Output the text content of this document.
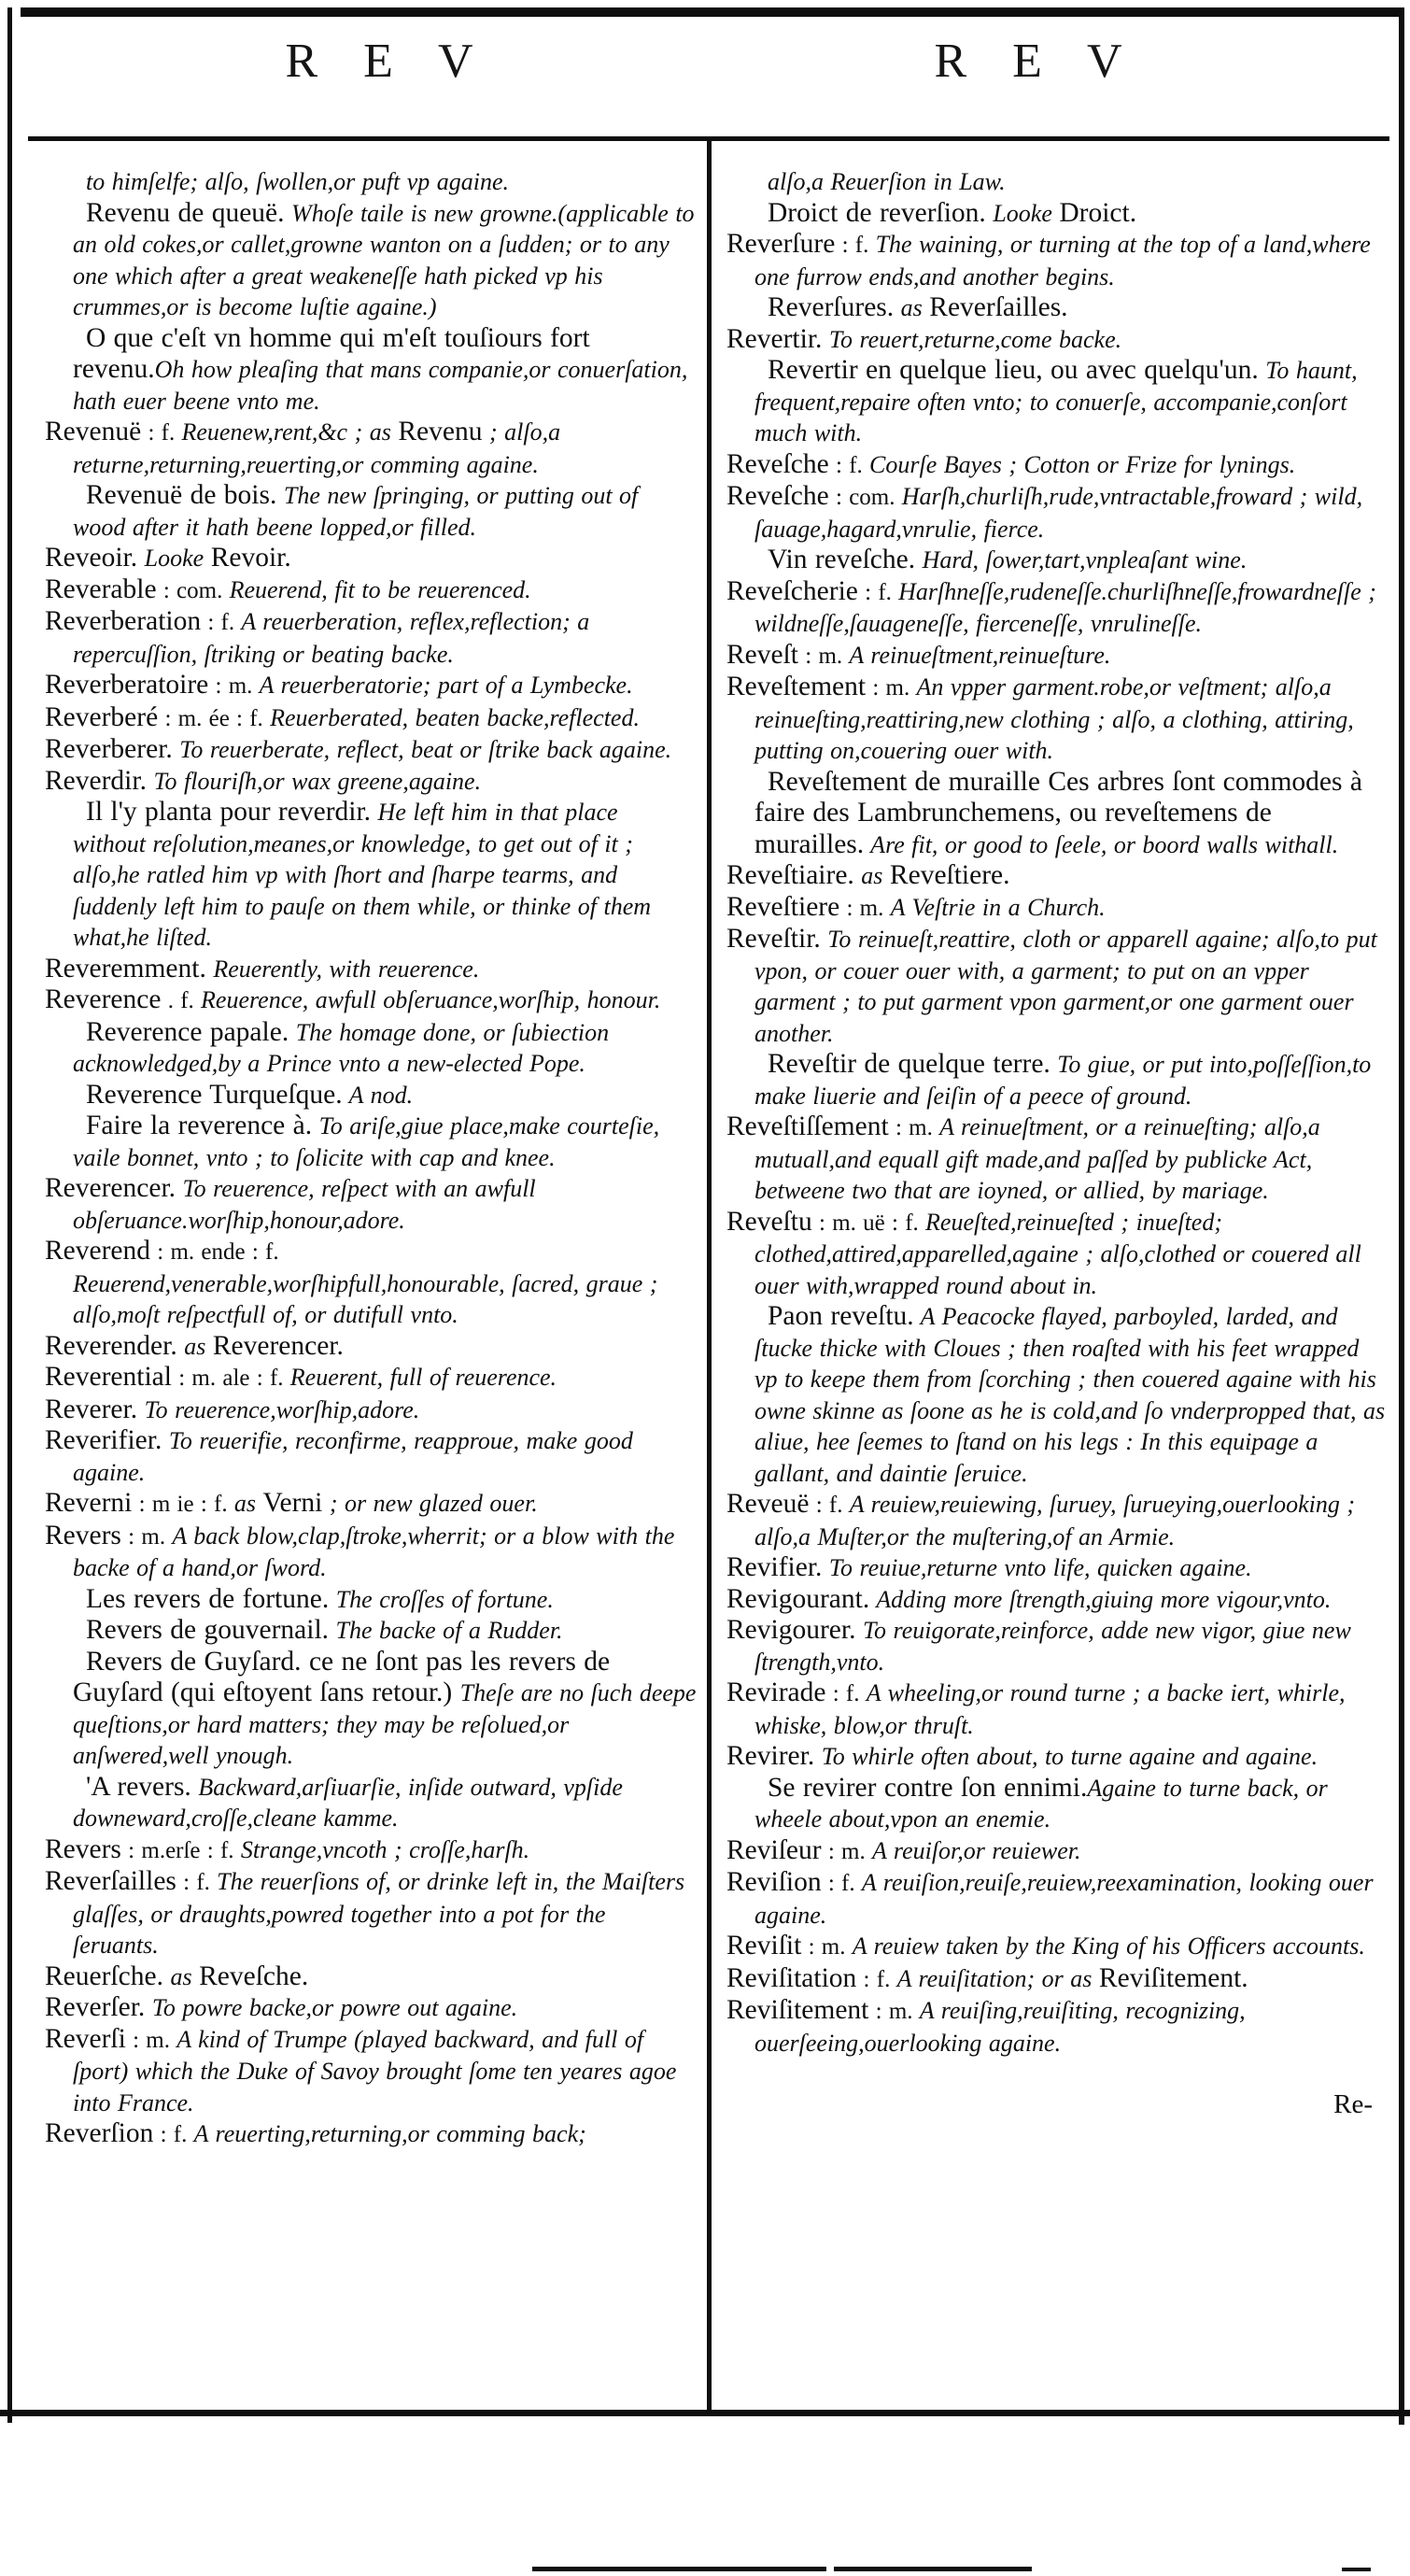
R E V	R E V

to himſelfe; alſo, ſwollen,or puft vp againe.

Revenu de queuë. Whoſe taile is new growne.(applicable to an old cokes,or callet,growne wanton on a ſudden; or to any one which after a great weakeneſſe hath picked vp his crummes,or is become luſtie againe.)

O que c'eſt vn homme qui m'eſt touſiours fort revenu.Oh how pleaſing that mans companie,or conuerſation, hath euer beene vnto me.

Revenuë : f. Reuenew,rent,&c ; as Revenu ; alſo,a returne,returning,reuerting,or comming againe.

Revenuë de bois. The new ſpringing, or putting out of wood after it hath beene lopped,or filled.

Reveoir. Looke Revoir.

Reverable : com. Reuerend, fit to be reuerenced.

Reverberation : f. A reuerberation, reflex,reflection; a repercuſſion, ſtriking or beating backe.

Reverberatoire : m. A reuerberatorie; part of a Lymbecke.

Reverberé : m. ée : f. Reuerberated, beaten backe,reflected.

Reverberer. To reuerberate, reflect, beat or ſtrike back againe.

Reverdir. To flouriſh,or wax greene,againe.

Il l'y planta pour reverdir. He left him in that place without reſolution,meanes,or knowledge, to get out of it ; alſo,he ratled him vp with ſhort and ſharpe tearms, and ſuddenly left him to pauſe on them while, or thinke of them what,he liſted.

Reveremment. Reuerently, with reuerence.

Reverence . f. Reuerence, awfull obſeruance,worſhip, honour.

Reverence papale. The homage done, or ſubiection acknowledged,by a Prince vnto a new-elected Pope.

Reverence Turqueſque. A nod.

Faire la reverence à. To ariſe,giue place,make courteſie, vaile bonnet, vnto ; to ſolicite with cap and knee.

Reverencer. To reuerence, reſpect with an awfull obſeruance.worſhip,honour,adore.

Reverend : m. ende : f. Reuerend,venerable,worſhipfull,honourable, ſacred, graue ; alſo,moſt reſpectfull of, or dutifull vnto.

Reverender. as Reverencer.

Reverential : m. ale : f. Reuerent, full of reuerence.

Reverer. To reuerence,worſhip,adore.

Reverifier. To reuerifie, reconfirme, reapproue, make good againe.

Reverni : m ie : f. as Verni ; or new glazed ouer.

Revers : m. A back blow,clap,ſtroke,wherrit; or a blow with the backe of a hand,or ſword.

Les revers de fortune. The croſſes of fortune.

Revers de gouvernail. The backe of a Rudder.

Revers de Guyſard. ce ne ſont pas les revers de Guyſard (qui eſtoyent ſans retour.) Theſe are no ſuch deepe queſtions,or hard matters; they may be reſolued,or anſwered,well ynough.

'A revers. Backward,arſiuarſie, inſide outward, vpſide downeward,croſſe,cleane kamme.

Revers : m.erſe : f. Strange,vncoth ; croſſe,harſh.

Reverſailles : f. The reuerſions of, or drinke left in, the Maiſters glaſſes, or draughts,powred together into a pot for the ſeruants.

Reuerſche. as Reveſche.

Reverſer. To powre backe,or powre out againe.

Reverſi : m. A kind of Trumpe (played backward, and full of ſport) which the Duke of Savoy brought ſome ten yeares agoe into France.

Reverſion : f. A reuerting,returning,or comming back;

alſo,a Reuerſion in Law.

Droict de reverſion. Looke Droict.

Reverſure : f. The waining, or turning at the top of a land,where one furrow ends,and another begins.

Reverſures. as Reverſailles.

Revertir. To reuert,returne,come backe.

Revertir en quelque lieu, ou avec quelqu'un. To haunt, frequent,repaire often vnto; to conuerſe, accompanie,conſort much with.

Reveſche : f. Courſe Bayes ; Cotton or Frize for lynings.

Reveſche : com. Harſh,churliſh,rude,vntractable,froward ; wild, ſauage,hagard,vnrulie, fierce.

Vin reveſche. Hard, ſower,tart,vnpleaſant wine.

Reveſcherie : f. Harſhneſſe,rudeneſſe.churliſhneſſe,frowardneſſe ; wildneſſe,ſauageneſſe, fierceneſſe, vnrulineſſe.

Reveſt : m. A reinueſtment,reinueſture.

Reveſtement : m. An vpper garment.robe,or veſtment; alſo,a reinueſting,reattiring,new clothing ; alſo, a clothing, attiring, putting on,couering ouer with.

Reveſtement de muraille Ces arbres ſont commodes à faire des Lambrunchemens, ou reveſtemens de murailles. Are fit, or good to ſeele, or boord walls withall.

Reveſtiaire. as Reveſtiere.

Reveſtiere : m. A Veſtrie in a Church.

Reveſtir. To reinueſt,reattire, cloth or apparell againe; alſo,to put vpon, or couer ouer with, a garment; to put on an vpper garment ; to put garment vpon garment,or one garment ouer another.

Reveſtir de quelque terre. To giue, or put into,poſſeſſion,to make liuerie and ſeiſin of a peece of ground.

Reveſtiſſement : m. A reinueſtment, or a reinueſting; alſo,a mutuall,and equall gift made,and paſſed by publicke Act, betweene two that are ioyned, or allied, by mariage.

Reveſtu : m. uë : f. Reueſted,reinueſted ; inueſted; clothed,attired,apparelled,againe ; alſo,clothed or couered all ouer with,wrapped round about in.

Paon reveſtu. A Peacocke flayed, parboyled, larded, and ſtucke thicke with Cloues ; then roaſted with his feet wrapped vp to keepe them from ſcorching ; then couered againe with his owne skinne as ſoone as he is cold,and ſo vnderpropped that, as aliue, hee ſeemes to ſtand on his legs : In this equipage a gallant, and daintie ſeruice.

Reveuë : f. A reuiew,reuiewing, ſuruey, ſurueying,ouerlooking ; alſo,a Muſter,or the muſtering,of an Armie.

Revifier. To reuiue,returne vnto life, quicken againe.

Revigourant. Adding more ſtrength,giuing more vigour,vnto.

Revigourer. To reuigorate,reinforce, adde new vigor, giue new ſtrength,vnto.

Revirade : f. A wheeling,or round turne ; a backe iert, whirle, whiske, blow,or thruſt.

Revirer. To whirle often about, to turne againe and againe.

Se revirer contre ſon ennimi.Againe to turne back, or wheele about,vpon an enemie.

Reviſeur : m. A reuiſor,or reuiewer.

Reviſion : f. A reuiſion,reuiſe,reuiew,reexamination, looking ouer againe.

Reviſit : m. A reuiew taken by the King of his Officers accounts.

Reviſitation : f. A reuiſitation; or as Reviſitement.

Reviſitement : m. A reuiſing,reuiſiting, recognizing, ouerſeeing,ouerlooking againe.

Re-
